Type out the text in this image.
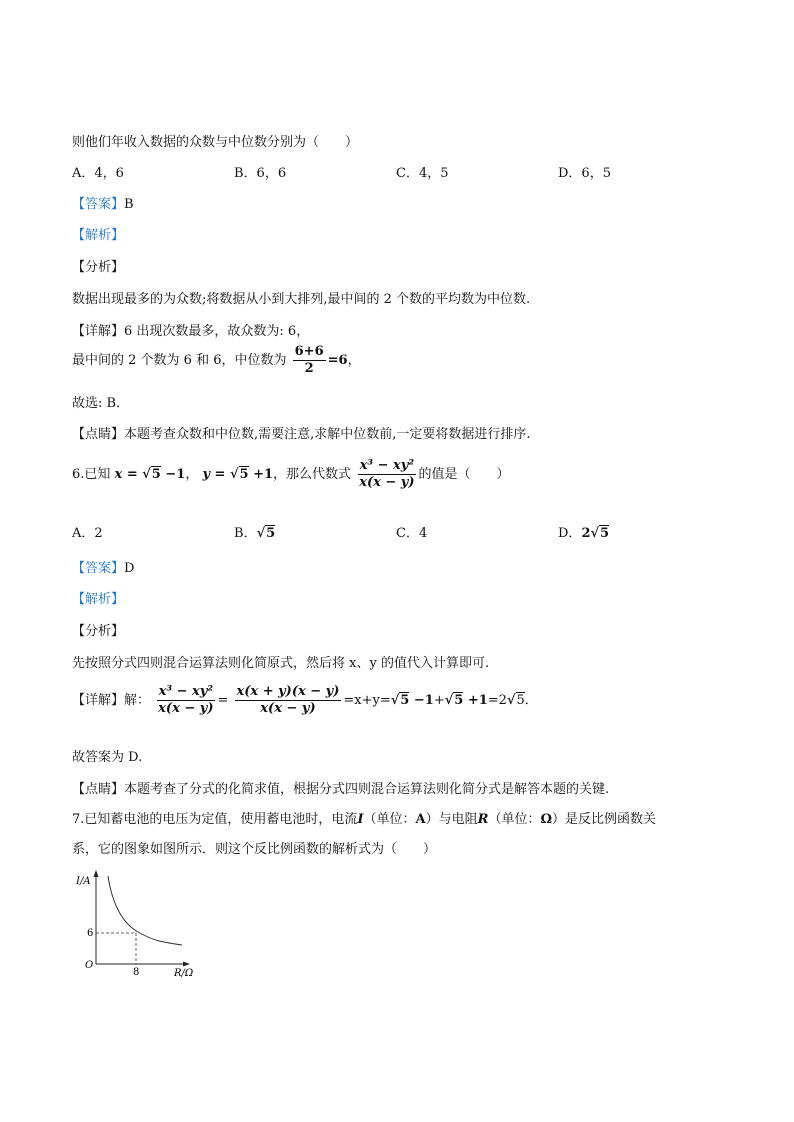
则他们年收入数据的众数与中位数分别为（　　）
A．4，6	B．6，6	C．4，5	D．6，5
【答案】B
【解析】
【分析】
数据出现最多的为众数;将数据从小到大排列,最中间的 2 个数的平均数为中位数.
【详解】6 出现次数最多，故众数为: 6，
最中间的 2 个数为 6 和 6，中位数为 $\frac{6+6}{2} =6$，
故选: B．
【点睛】本题考查众数和中位数,需要注意,求解中位数前,一定要将数据进行排序.
6.已知 x = √5 −1， y = √5 +1，那么代数式 $\frac{\text{x³ − xy²}}{x(x - y)}$ 的值是（　　）
A．2	B．√5	C．4	D．2√5
【答案】D
【解析】
【分析】
先按照分式四则混合运算法则化简原式，然后将 x、y 的值代入计算即可.
【详解】解： $\frac{\text{x³ − xy²}}{x(x - y)} = \frac{x(x + y)(x - y)}{x(x - y)} =x+y=√5 -1+√5 +1=2√5$．
故答案为 D.
【点睛】本题考查了分式的化简求值，根据分式四则混合运算法则化简分式是解答本题的关键.
7.已知蓄电池的电压为定值，使用蓄电池时，电流I（单位：A）与电阻R（单位：Ω）是反比例函数关
系，它的图象如图所示．则这个反比例函数的解析式为（　　）
I/A
R/Ω
O
6
8
